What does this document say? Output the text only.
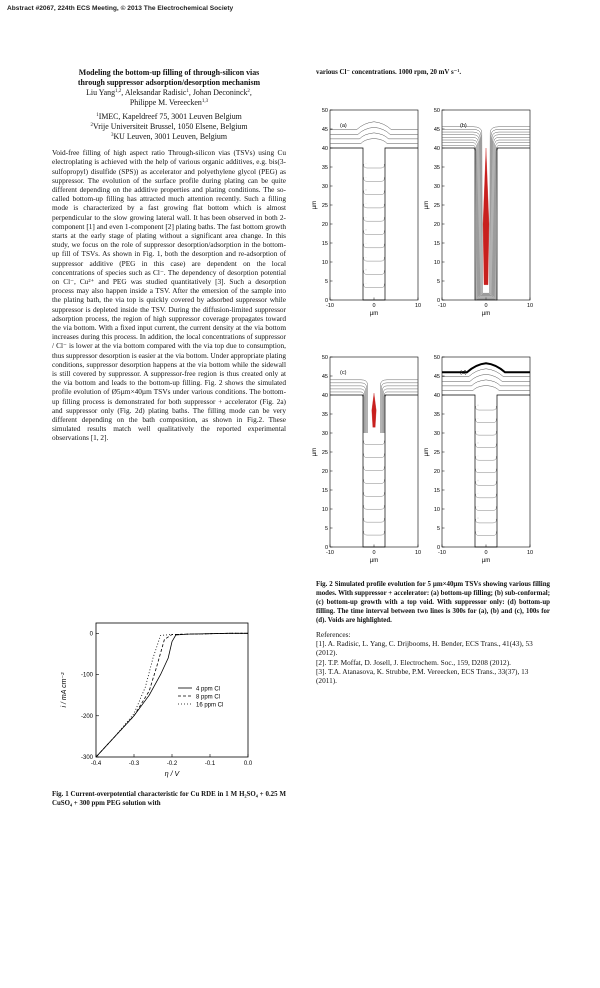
Abstract #2067, 224th ECS Meeting, © 2013 The Electrochemical Society

Modeling the bottom-up filling of through-silicon vias
through suppressor adsorption/desorption mechanism

Liu Yang$^{1,2}$, Aleksandar Radisic$^1$, Johan Deconinck$^2$,
Philippe M. Vereecken$^{1,3}$
$^1$IMEC, Kapeldreef 75, 3001 Leuven Belgium
$^2$Vrije Universiteit Brussel, 1050 Elsene, Belgium
$^3$KU Leuven, 3001 Leuven, Belgium

Void-free filling of high aspect ratio Through-silicon vias (TSVs) using Cu electroplating is achieved with the help of various organic additives, e.g. bis(3-sulfopropyl) disulfide (SPS)) as accelerator and polyethylene glycol (PEG) as suppressor. The evolution of the surface profile during plating can be quite different depending on the additive properties and plating conditions. The so-called bottom-up filling has attracted much attention recently. Such a filling mode is characterized by a fast growing flat bottom which is almost perpendicular to the slow growing lateral wall. It has been observed in both 2-component [1] and even 1-component [2] plating baths. The fast bottom growth starts at the early stage of plating without a significant area change. In this study, we focus on the role of suppressor desorption/adsorption in the bottom-up fill of TSVs. As shown in Fig. 1, both the desorption and re-adsorption of suppressor additive (PEG in this case) are dependent on the local concentrations of species such as Cl⁻. The dependency of desorption potential on Cl⁻, Cu²⁺ and PEG was studied quantitatively [3]. Such a desorption process may also happen inside a TSV. After the emersion of the sample into the plating bath, the via top is quickly covered by adsorbed suppressor while suppressor is depleted inside the TSV. During the diffusion-limited suppressor adsorption process, the region of high suppressor coverage propagates toward the via bottom. With a fixed input current, the current density at the via bottom increases during this process. In addition, the local concentrations of suppressor / Cl⁻ is lower at the via bottom compared with the via top due to consumption, thus suppressor desorption is easier at the via bottom. Under appropriate plating conditions, suppressor desorption happens at the via bottom while the sidewall is still covered by suppressor. A suppressor-free region is thus created only at the via bottom and leads to the bottom-up filling. Fig. 2 shows the simulated profile evolution of Ø5µm×40µm TSVs under various conditions. The bottom-up filling process is demonstrated for both suppressor + accelerator (Fig. 2a) and suppressor only (Fig. 2d) plating baths. The filling mode can be very different depending on the bath composition, as shown in Fig.2. These simulated results match well qualitatively the reported experimental observations [1, 2].

-0.4	-0.3	-0.2	-0.1	0.0
0
-100
-200
-300
i / mA cm⁻²
η / V
4 ppm Cl
8 ppm Cl
16 ppm Cl
Fig. 1 Current-overpotential characteristic for Cu RDE in 1 M H₂SO₄ + 0.25 M CuSO₄ + 300 ppm PEG solution with

various Cl⁻ concentrations. 1000 rpm, 20 mV s⁻¹.

0
5
10
15
20
25
30
35
40
45
50
-10	0	10
µm
µm
(a)
0
5
10
15
20
25
30
35
40
45
50
-10	0	10
µm
µm
(b)
0
5
10
15
20
25
30
35
40
45
50
-10	0	10
µm
µm
(c)
0
5
10
15
20
25
30
35
40
45
50
-10	0	10
µm
µm
(d)
Fig. 2 Simulated profile evolution for 5 µm×40µm TSVs showing various filling modes. With suppressor + accelerator: (a) bottom-up filling; (b) sub-conformal; (c) bottom-up growth with a top void. With suppressor only: (d) bottom-up filling. The time interval between two lines is 300s for (a), (b) and (c), 100s for (d). Voids are highlighted.

References:

[1]. A. Radisic, L. Yang, C. Drijbooms, H. Bender, ECS Trans., 41(43), 53 (2012).

[2]. T.P. Moffat, D. Josell, J. Electrochem. Soc., 159, D208 (2012).

[3]. T.A. Atanasova, K. Strubbe, P.M. Vereecken, ECS Trans., 33(37), 13 (2011).
